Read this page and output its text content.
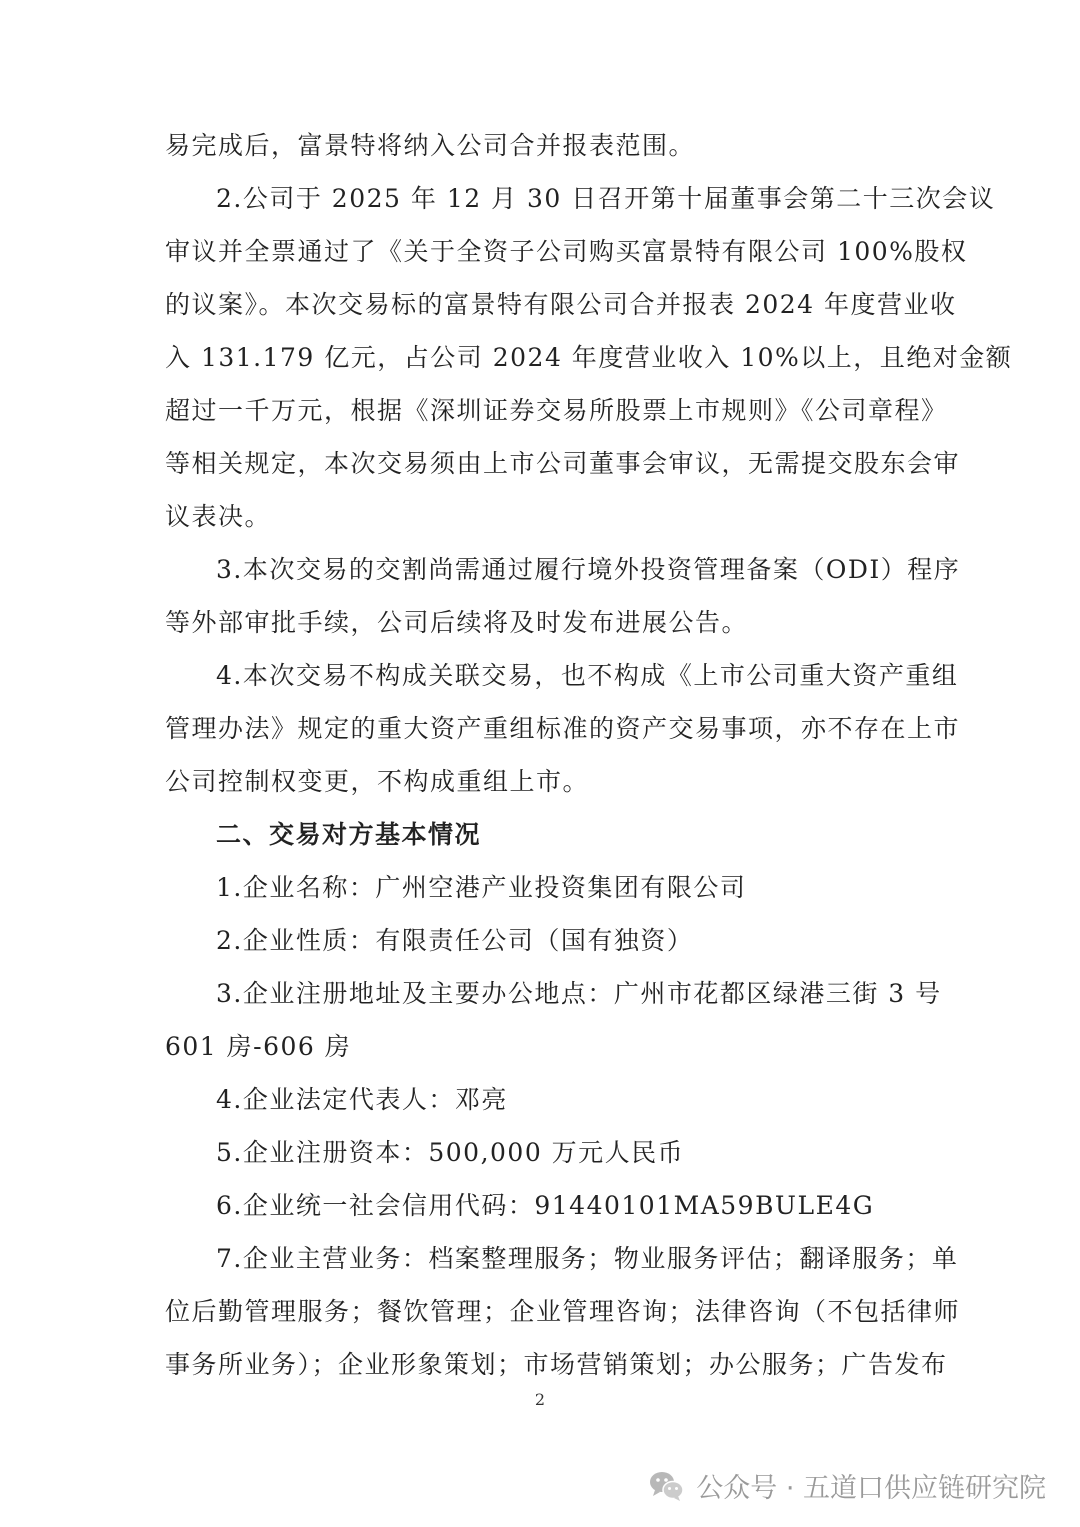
易完成后，富景特将纳入公司合并报表范围。
2.公司于 2025 年 12 月 30 日召开第十届董事会第二十三次会议
审议并全票通过了《关于全资子公司购买富景特有限公司 100%股权
的议案》。本次交易标的富景特有限公司合并报表 2024 年度营业收
入 131.179 亿元，占公司 2024 年度营业收入 10%以上，且绝对金额
超过一千万元，根据《深圳证券交易所股票上市规则》《公司章程》
等相关规定，本次交易须由上市公司董事会审议，无需提交股东会审
议表决。
3.本次交易的交割尚需通过履行境外投资管理备案（ODI）程序
等外部审批手续，公司后续将及时发布进展公告。
4.本次交易不构成关联交易，也不构成《上市公司重大资产重组
管理办法》规定的重大资产重组标准的资产交易事项，亦不存在上市
公司控制权变更，不构成重组上市。
二、交易对方基本情况
1.企业名称：广州空港产业投资集团有限公司
2.企业性质：有限责任公司（国有独资）
3.企业注册地址及主要办公地点：广州市花都区绿港三街 3 号
601 房-606 房
4.企业法定代表人：邓亮
5.企业注册资本：500,000 万元人民币
6.企业统一社会信用代码：91440101MA59BULE4G
7.企业主营业务：档案整理服务；物业服务评估；翻译服务；单
位后勤管理服务；餐饮管理；企业管理咨询；法律咨询（不包括律师
事务所业务）；企业形象策划；市场营销策划；办公服务；广告发布
2
公众号 · 五道口供应链研究院
